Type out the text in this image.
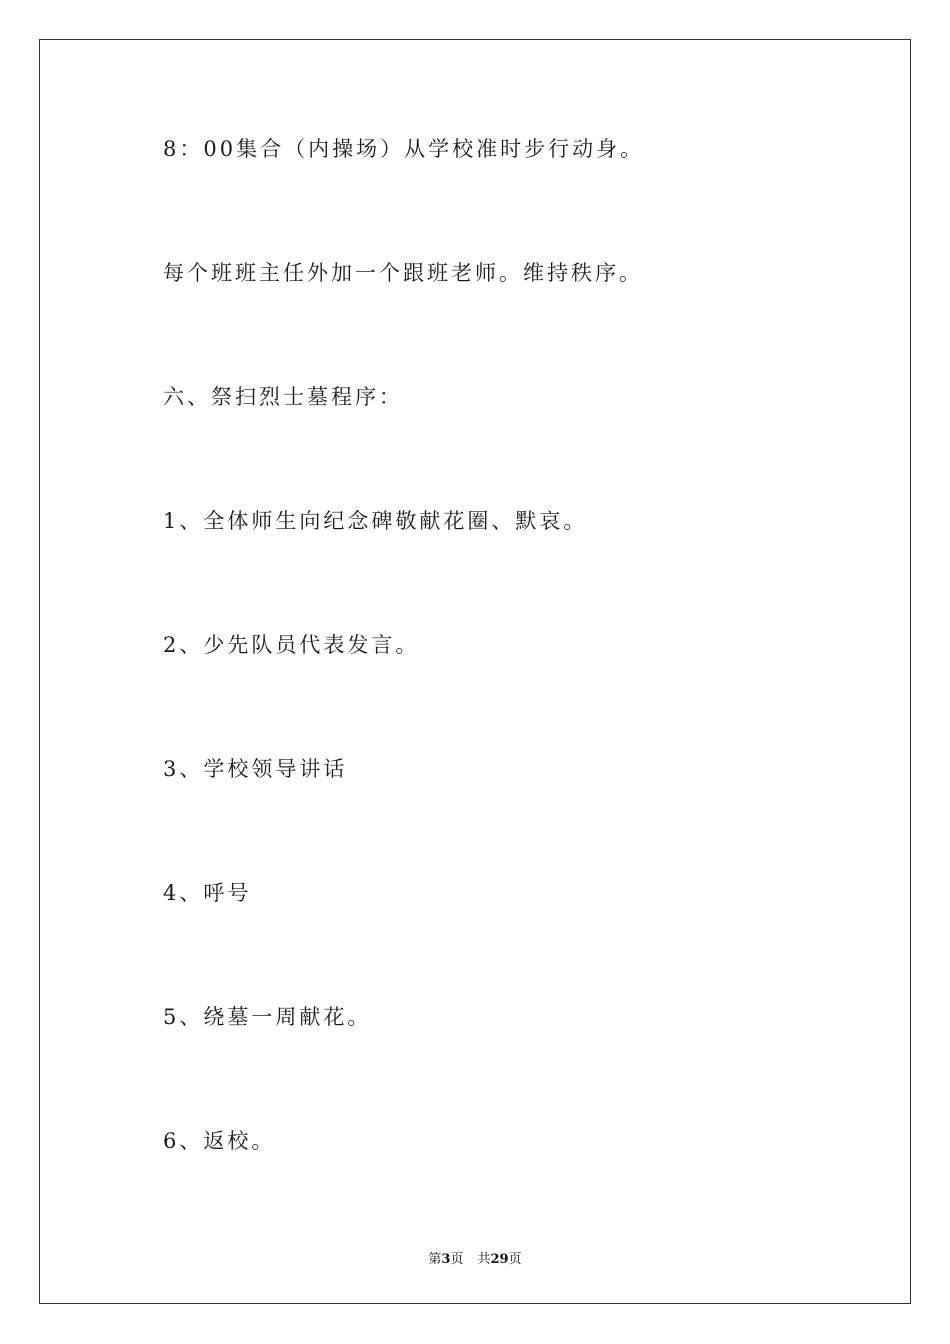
8：00集合（内操场）从学校准时步行动身。
每个班班主任外加一个跟班老师。维持秩序。
六、祭扫烈士墓程序：
1、全体师生向纪念碑敬献花圈、默哀。
2、少先队员代表发言。
3、学校领导讲话
4、呼号
5、绕墓一周献花。
6、返校。
第3页 共29页
